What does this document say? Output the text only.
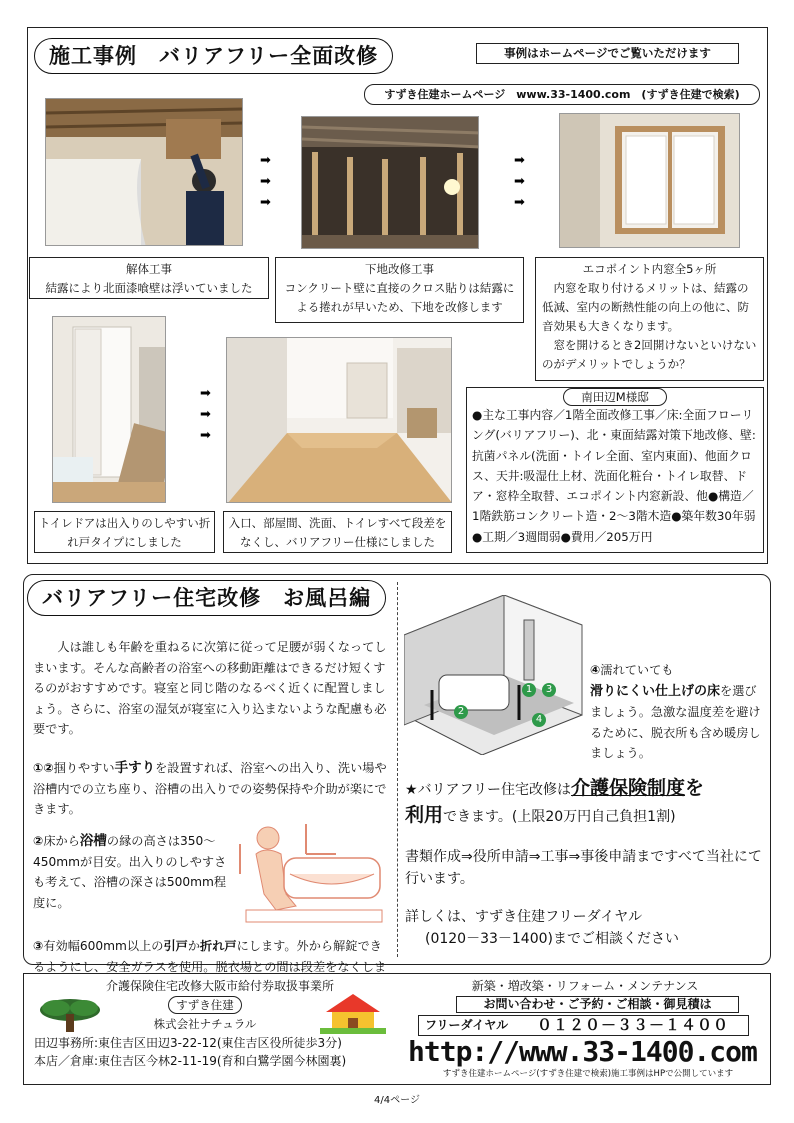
施工事例　バリアフリー全面改修	事例はホームページでご覧いただけます
すずき住建ホームページ　www.33-1400.com　(すずき住建で検索)
➡
➡
➡
➡
➡
➡
解体工事
結露により北面漆喰壁は浮いていました
下地改修工事
コンクリート壁に直接のクロス貼りは結露による捲れが早いため、下地を改修します
エコポイント内窓全5ヶ所
内窓を取り付けるメリットは、結露の低減、室内の断熱性能の向上の他に、防音効果も大きくなります。
窓を開けるとき2回開けないといけないのがデメリットでしょうか？
➡
➡
➡
トイレドアは出入りのしやすい折れ戸タイプにしました
入口、部屋間、洗面、トイレすべて段差をなくし、バリアフリー仕様にしました
南田辺M様邸
●主な工事内容／1階全面改修工事／床:全面フローリング(バリアフリー)、北・東面結露対策下地改修、壁:抗菌パネル(洗面・トイレ全面、室内東面)、他面クロス、天井:吸湿仕上材、洗面化粧台・トイレ取替、ドア・窓枠全取替、エコポイント内窓新設、他●構造／1階鉄筋コンクリート造・2～3階木造●築年数30年弱●工期／3週間弱●費用／205万円
バリアフリー住宅改修　お風呂編
人は誰しも年齢を重ねるに次第に従って足腰が弱くなってしまいます。そんな高齢者の浴室への移動距離はできるだけ短くするのがおすすめです。寝室と同じ階のなるべく近くに配置しましょう。さらに、浴室の湿気が寝室に入り込まないような配慮も必要です。
①②掴りやすい手すりを設置すれば、浴室への出入り、洗い場や浴槽内での立ち座り、浴槽の出入りでの姿勢保持や介助が楽にできます。
②床から浴槽の縁の高さは350～450mmが目安。出入りのしやすさも考えて、浴槽の深さは500mm程度に。
③有効幅600mm以上の引戸か折れ戸にします。外から解錠できるようにし、安全ガラスを使用。脱衣場との間は段差をなくしま
1
2
3
4
④濡れていても
滑りにくい仕上げの床を選びましょう。急激な温度差を避けるために、脱衣所も含め暖房しましょう。
★バリアフリー住宅改修は介護保険制度を
利用できます。(上限20万円自己負担1割)
書類作成⇒役所申請⇒工事⇒事後申請まですべて当社にて行います。
詳しくは、すずき住建フリーダイヤル
(0120－33－1400)までご相談ください
介護保険住宅改修大阪市給付券取扱事業所
すずき住建
株式会社ナチュラル
田辺事務所:東住吉区田辺3-22-12(東住吉区役所徒歩3分)
本店／倉庫:東住吉区今林2-11-19(育和白鷺学園今林園裏)
新築・増改築・リフォーム・メンテナンス
お問い合わせ・ご予約・ご相談・御見積は
フリーダイヤル ０１２０－３３－１４００
http://www.33-1400.com
すずき住建ホームページ(すずき住建で検索)施工事例はHPで公開しています
4/4ページ
